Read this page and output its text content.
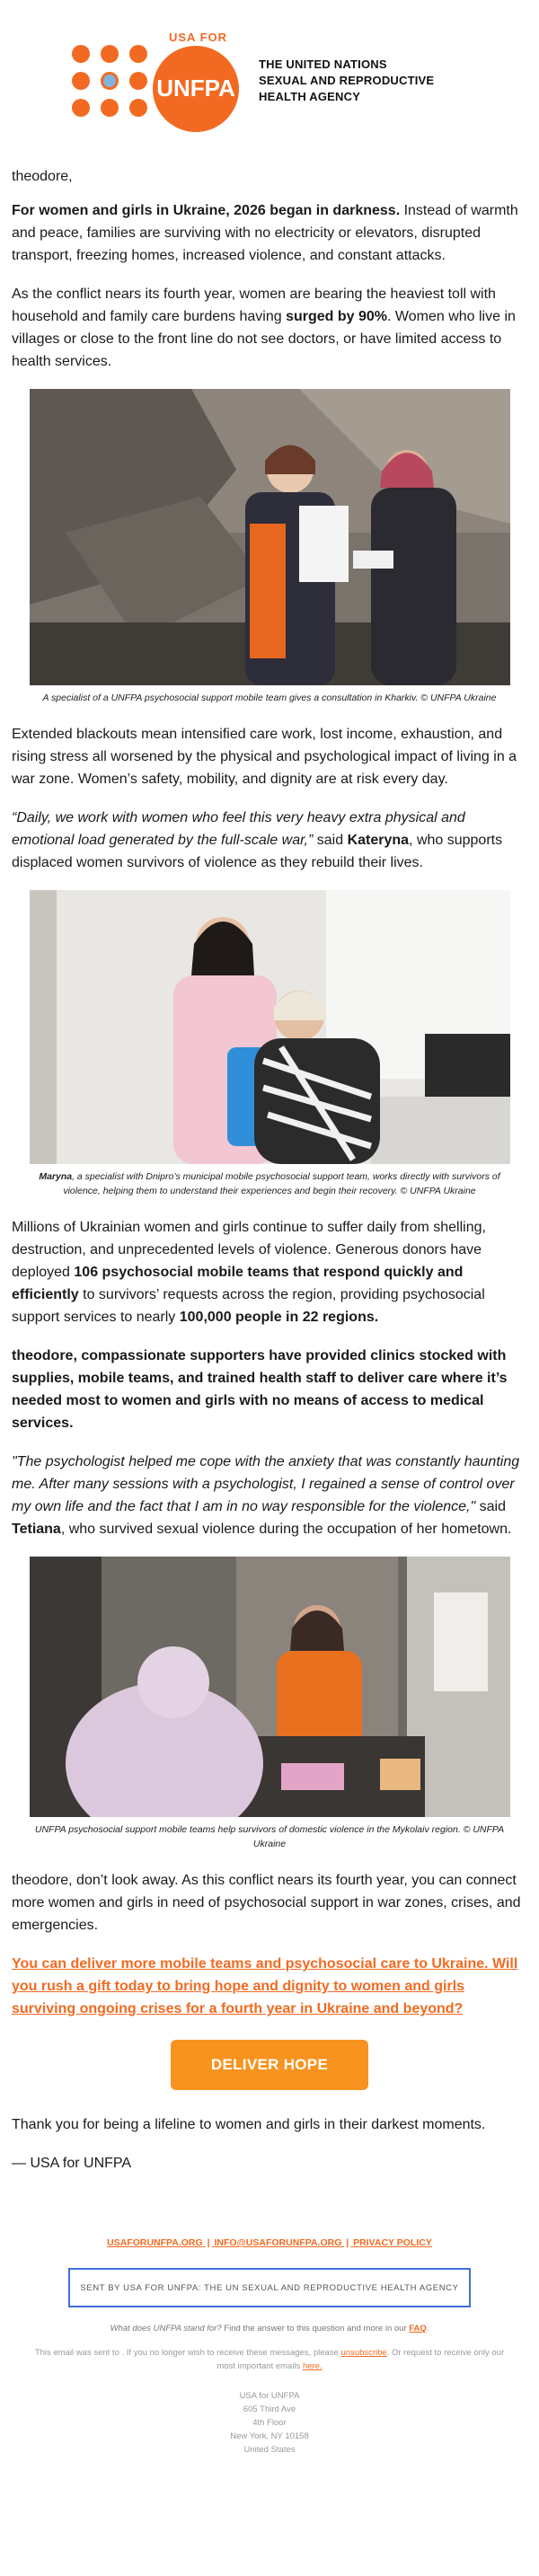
USA FOR
UNFPA
THE UNITED NATIONS
SEXUAL AND REPRODUCTIVE
HEALTH AGENCY

theodore,

For women and girls in Ukraine, 2026 began in darkness. Instead of warmth and peace, families are surviving with no electricity or elevators, disrupted transport, freezing homes, increased violence, and constant attacks.

As the conflict nears its fourth year, women are bearing the heaviest toll with household and family care burdens having surged by 90%. Women who live in villages or close to the front line do not see doctors, or have limited access to health services.

A specialist of a UNFPA psychosocial support mobile team gives a consultation in Kharkiv. © UNFPA Ukraine

Extended blackouts mean intensified care work, lost income, exhaustion, and rising stress all worsened by the physical and psychological impact of living in a war zone. Women’s safety, mobility, and dignity are at risk every day.

“Daily, we work with women who feel this very heavy extra physical and emotional load generated by the full-scale war,” said Kateryna, who supports displaced women survivors of violence as they rebuild their lives.

Maryna, a specialist with Dnipro’s municipal mobile psychosocial support team, works directly with survivors of violence, helping them to understand their experiences and begin their recovery. © UNFPA Ukraine

Millions of Ukrainian women and girls continue to suffer daily from shelling, destruction, and unprecedented levels of violence. Generous donors have deployed 106 psychosocial mobile teams that respond quickly and efficiently to survivors’ requests across the region, providing psychosocial support services to nearly 100,000 people in 22 regions.

theodore, compassionate supporters have provided clinics stocked with supplies, mobile teams, and trained health staff to deliver care where it’s needed most to women and girls with no means of access to medical services.

"The psychologist helped me cope with the anxiety that was constantly haunting me. After many sessions with a psychologist, I regained a sense of control over my own life and the fact that I am in no way responsible for the violence," said Tetiana, who survived sexual violence during the occupation of her hometown.

UNFPA psychosocial support mobile teams help survivors of domestic violence in the Mykolaiv region. © UNFPA Ukraine

theodore, don’t look away. As this conflict nears its fourth year, you can connect more women and girls in need of psychosocial support in war zones, crises, and emergencies.

You can deliver more mobile teams and psychosocial care to Ukraine. Will you rush a gift today to bring hope and dignity to women and girls surviving ongoing crises for a fourth year in Ukraine and beyond?

DELIVER HOPE

Thank you for being a lifeline to women and girls in their darkest moments.

— USA for UNFPA

USAFORUNFPA.ORG | INFO@USAFORUNFPA.ORG | PRIVACY POLICY
SENT BY USA FOR UNFPA: THE UN SEXUAL AND REPRODUCTIVE HEALTH AGENCY
What does UNFPA stand for? Find the answer to this question and more in our FAQ.
This email was sent to . If you no longer wish to receive these messages, please unsubscribe. Or request to receive only our most important emails here.
USA for UNFPA
605 Third Ave
4th Floor
New York, NY 10158
United States
